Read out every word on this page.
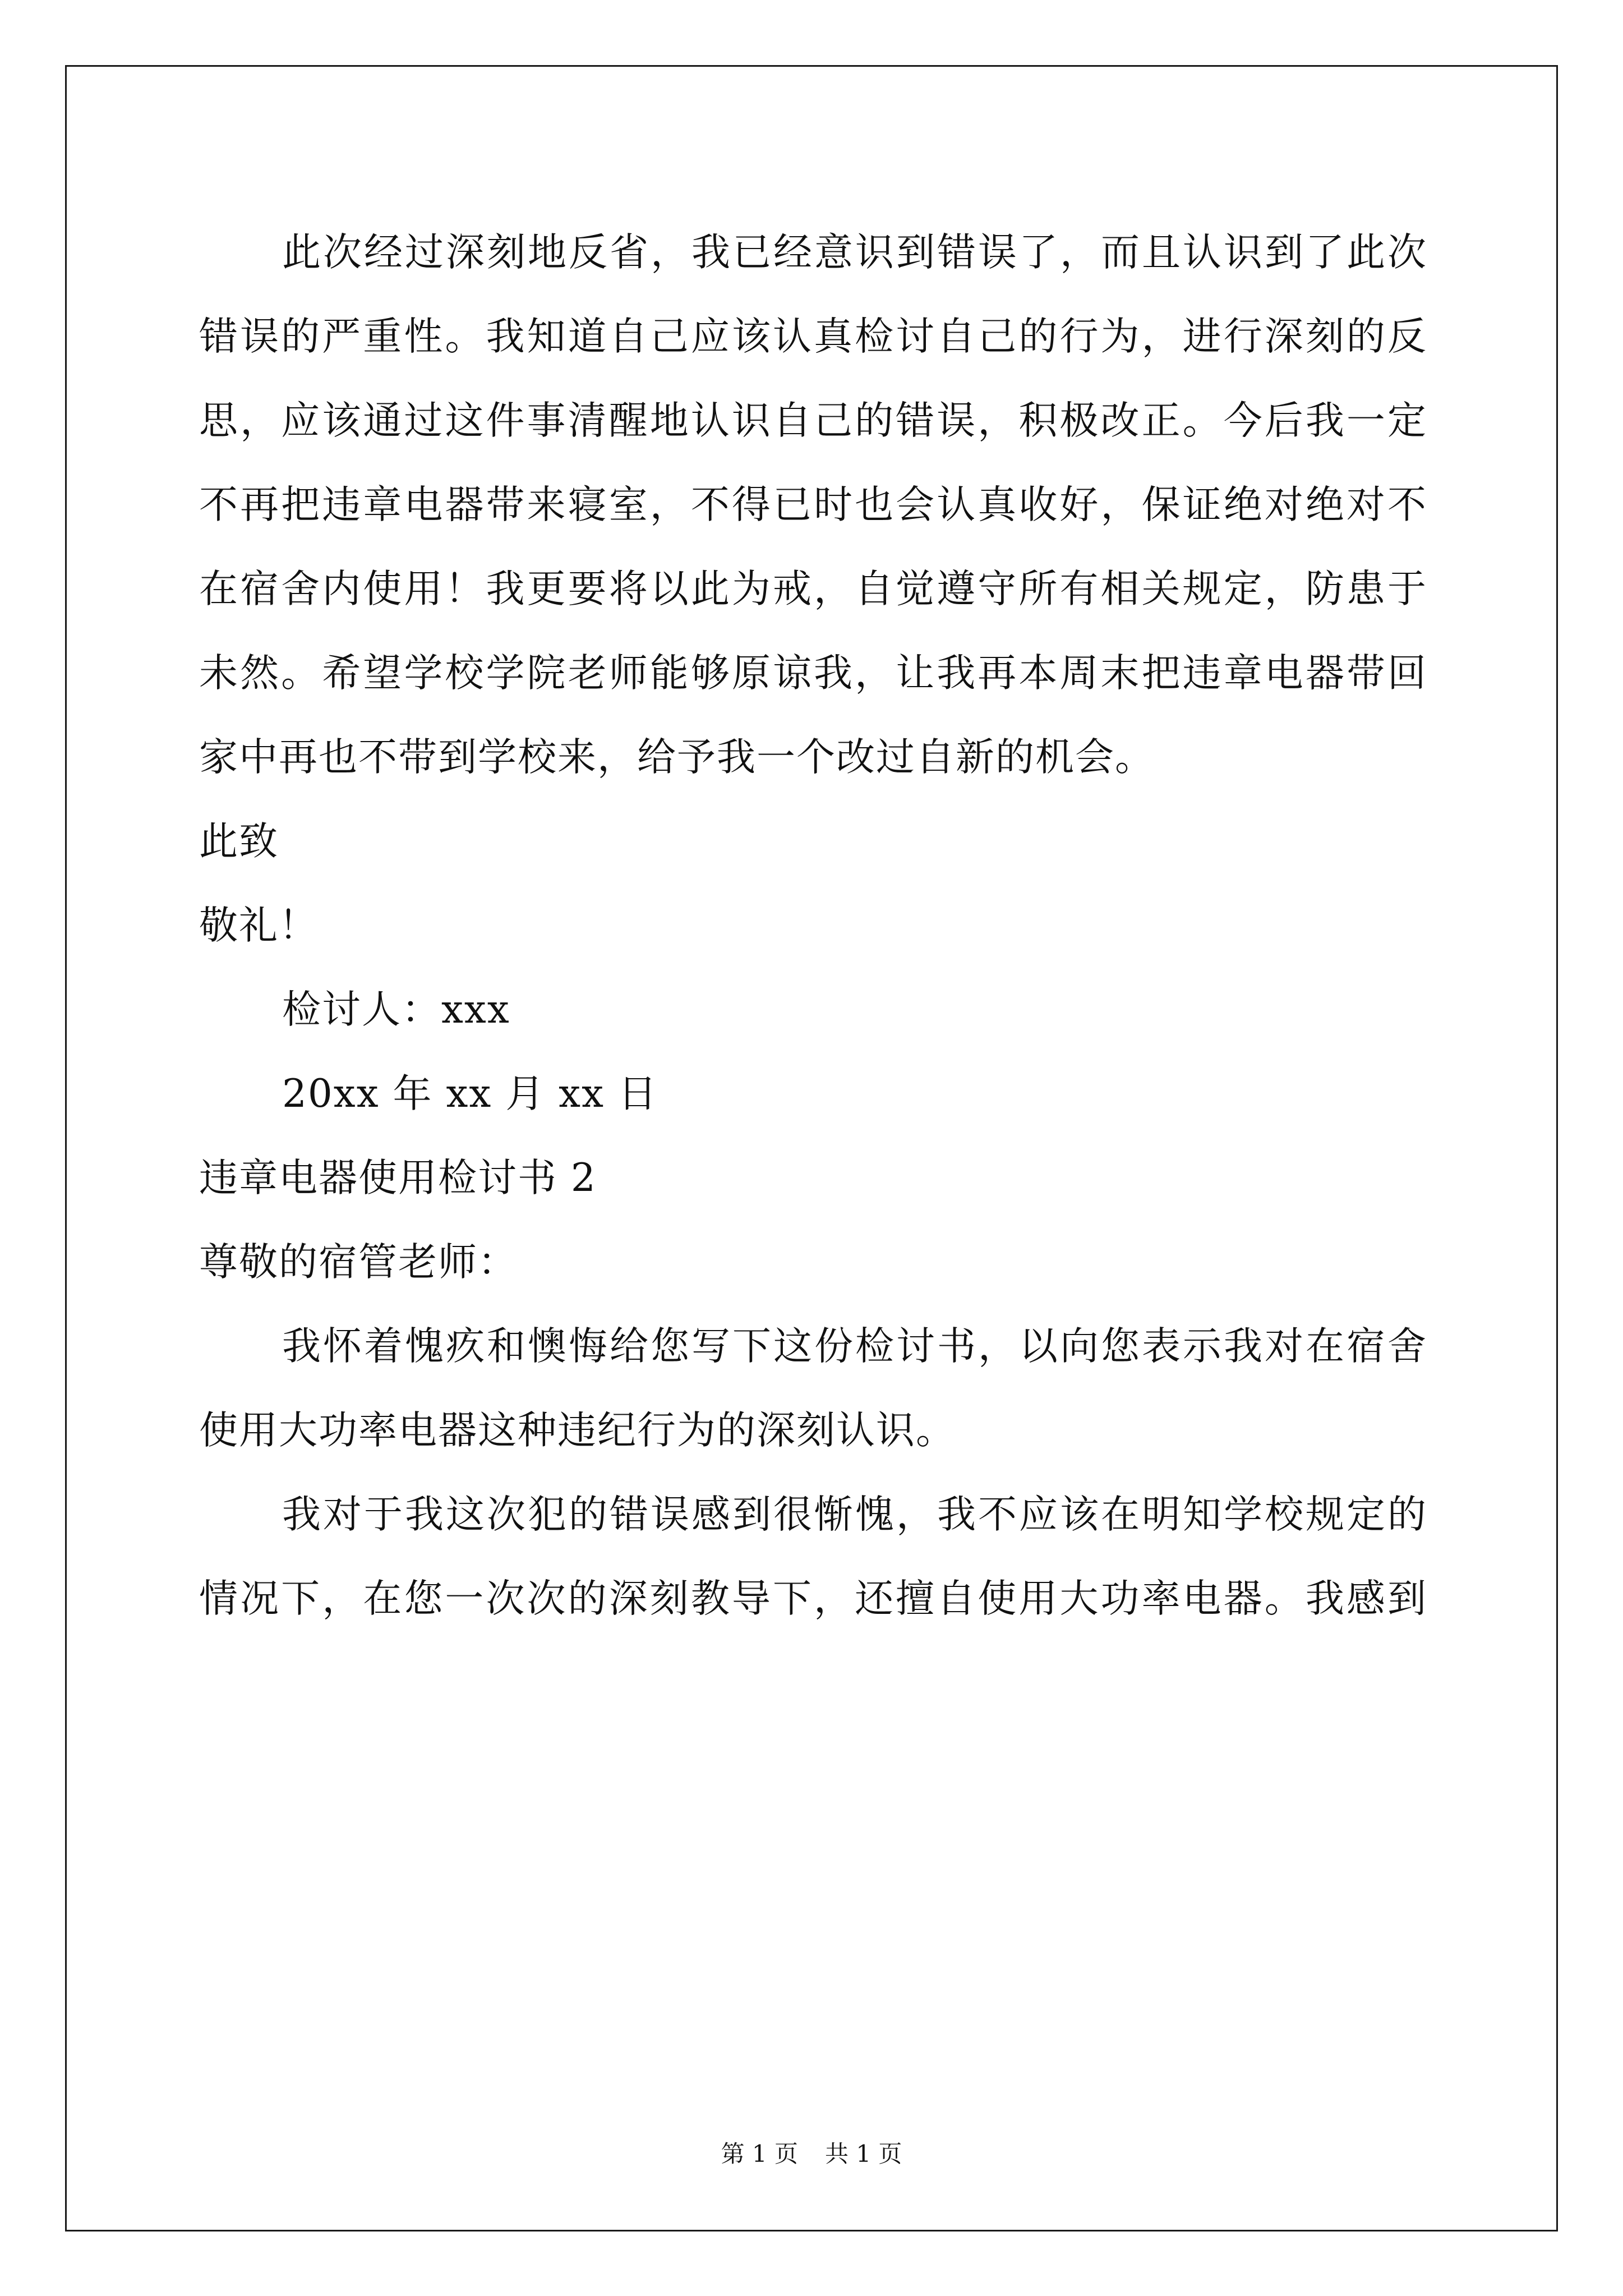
此次经过深刻地反省，我已经意识到错误了，而且认识到了此次
错误的严重性。我知道自己应该认真检讨自己的行为，进行深刻的反
思，应该通过这件事清醒地认识自己的错误，积极改正。今后我一定
不再把违章电器带来寝室，不得已时也会认真收好，保证绝对绝对不
在宿舍内使用！我更要将以此为戒，自觉遵守所有相关规定，防患于
未然。希望学校学院老师能够原谅我，让我再本周末把违章电器带回
家中再也不带到学校来，给予我一个改过自新的机会。
此致
敬礼！
检讨人：xxx
20xx 年 xx 月 xx 日
违章电器使用检讨书 2
尊敬的宿管老师：
我怀着愧疚和懊悔给您写下这份检讨书，以向您表示我对在宿舍
使用大功率电器这种违纪行为的深刻认识。
我对于我这次犯的错误感到很惭愧，我不应该在明知学校规定的
情况下，在您一次次的深刻教导下，还擅自使用大功率电器。我感到
第 1 页 共 1 页
